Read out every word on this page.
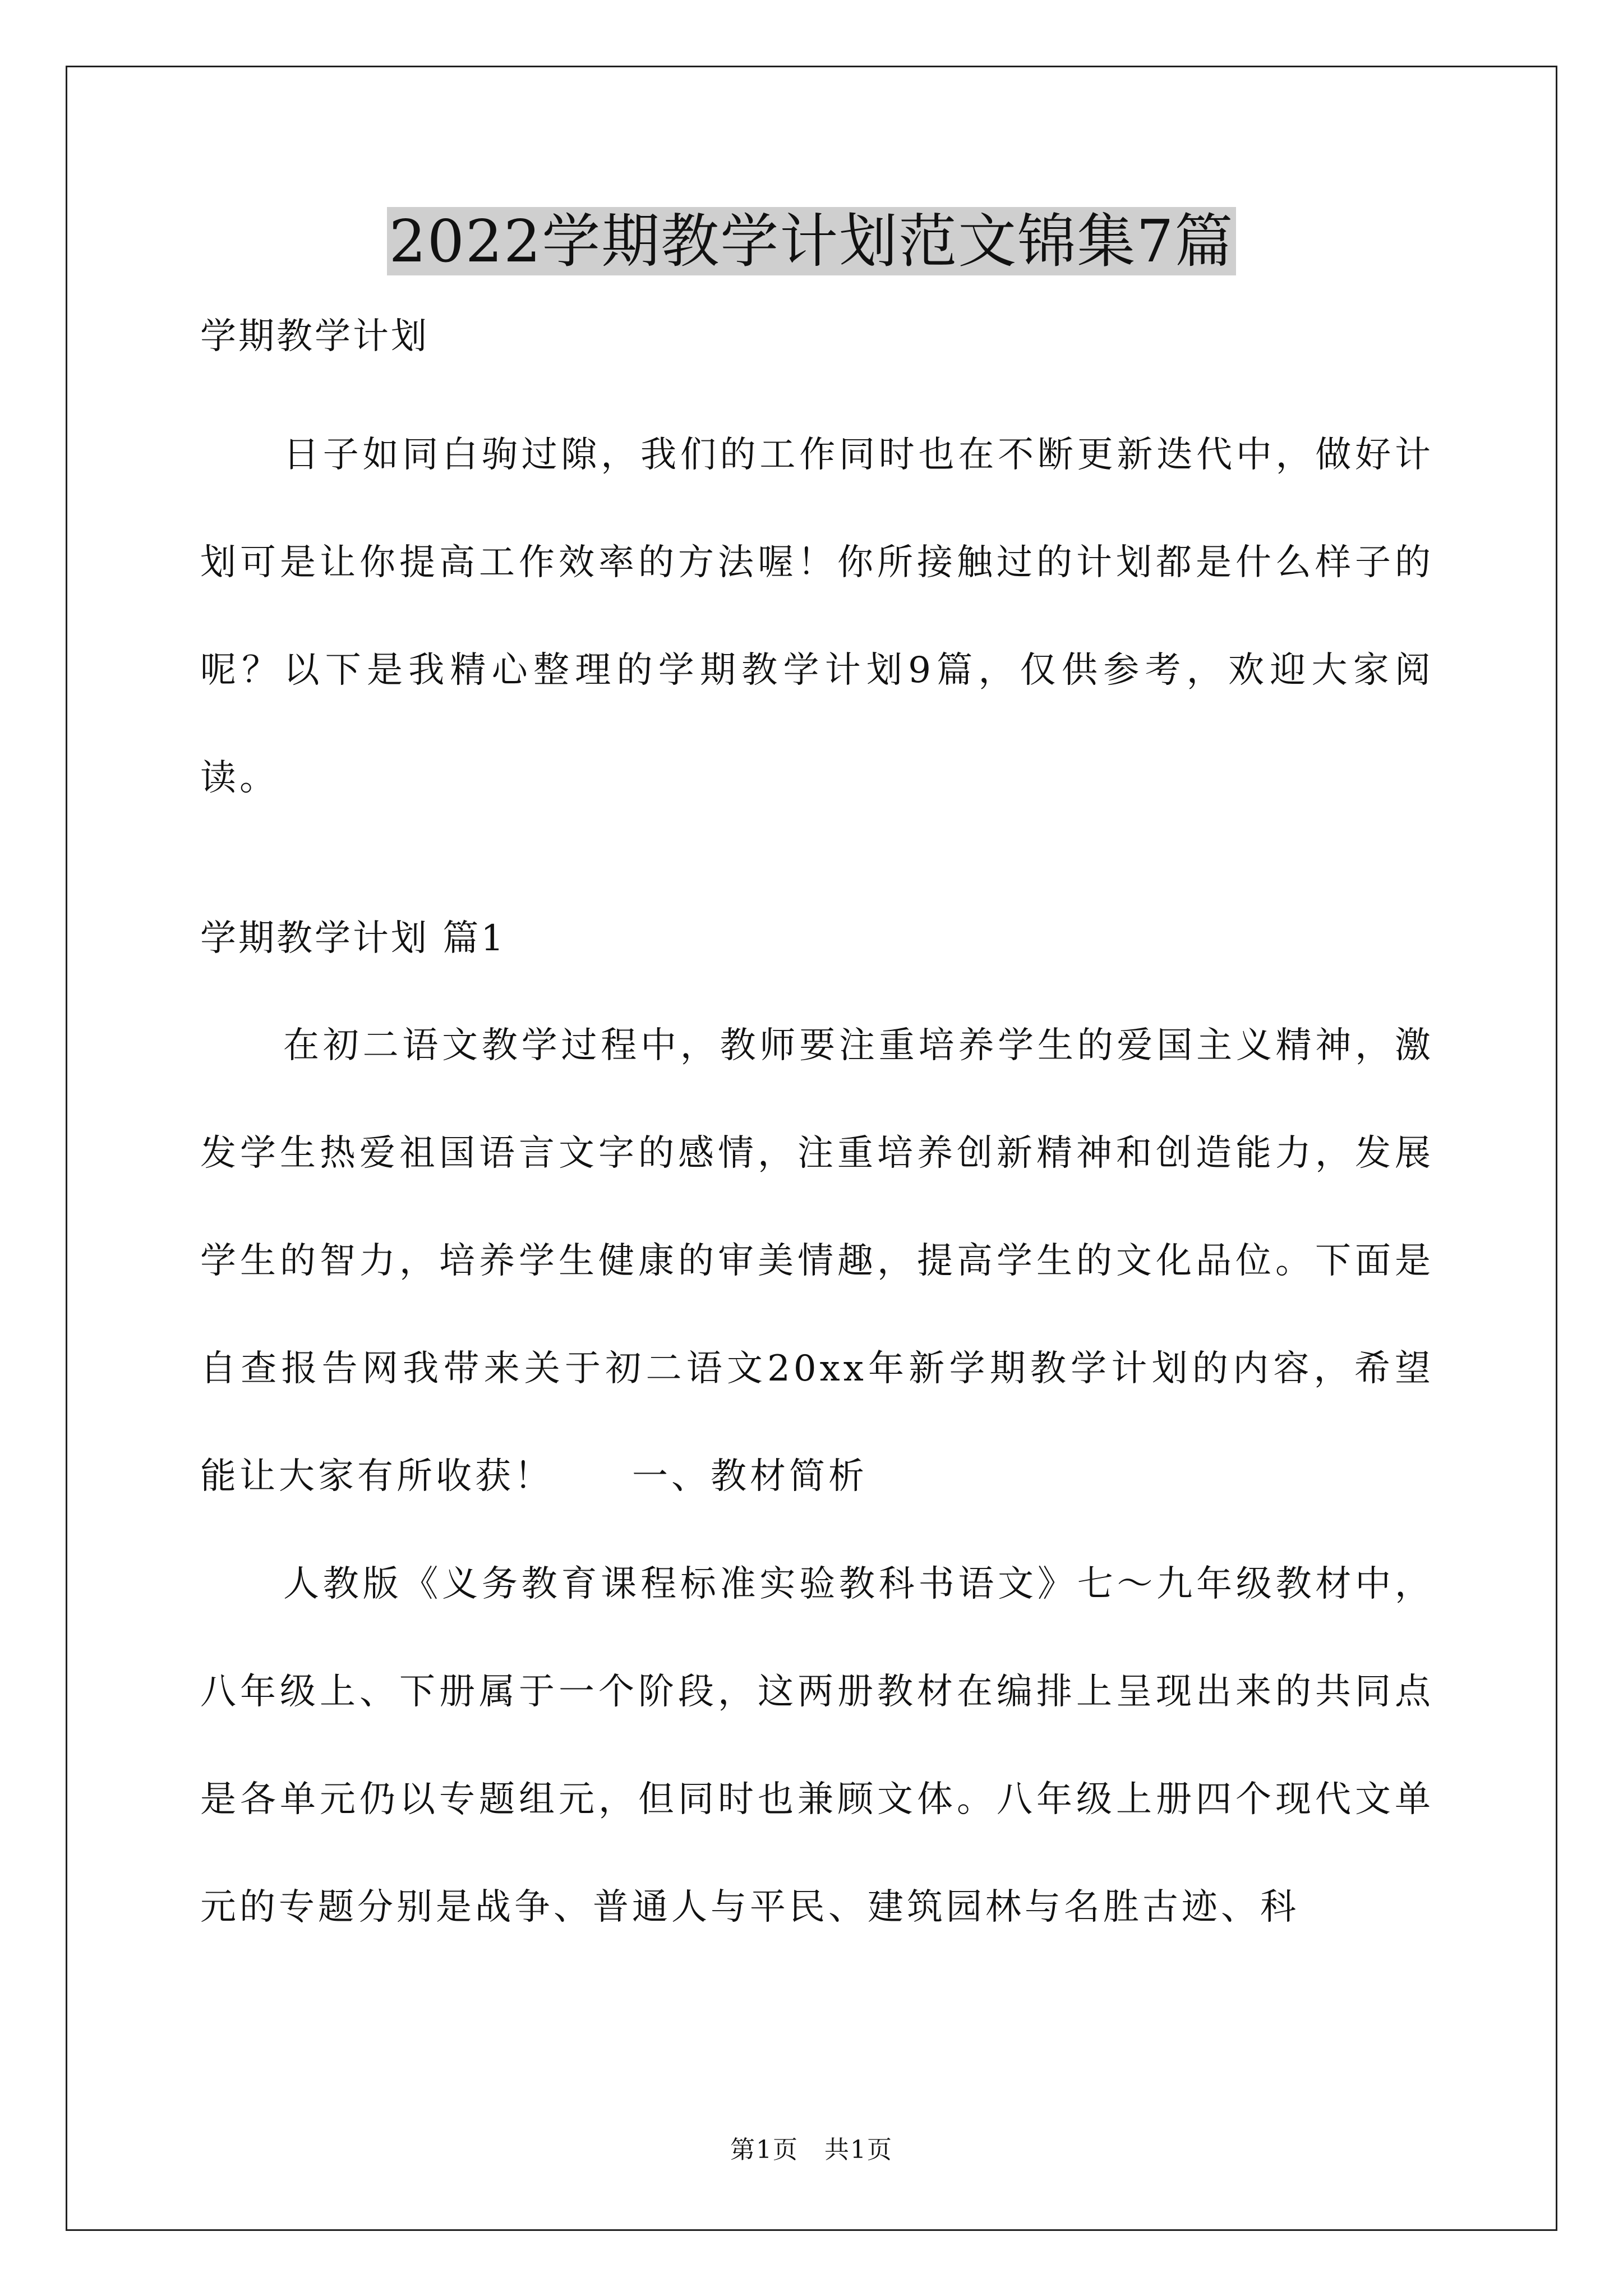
2022学期教学计划范文锦集7篇

学期教学计划

日子如同白驹过隙，我们的工作同时也在不断更新迭代中，做好计划可是让你提高工作效率的方法喔！你所接触过的计划都是什么样子的呢？以下是我精心整理的学期教学计划9篇，仅供参考，欢迎大家阅读。

学期教学计划 篇1

在初二语文教学过程中，教师要注重培养学生的爱国主义精神，激发学生热爱祖国语言文字的感情，注重培养创新精神和创造能力，发展学生的智力，培养学生健康的审美情趣，提高学生的文化品位。下面是自查报告网我带来关于初二语文20xx年新学期教学计划的内容，希望能让大家有所收获！　　一、教材简析

人教版《义务教育课程标准实验教科书语文》七～九年级教材中，八年级上、下册属于一个阶段，这两册教材在编排上呈现出来的共同点是各单元仍以专题组元，但同时也兼顾文体。八年级上册四个现代文单元的专题分别是战争、普通人与平民、建筑园林与名胜古迹、科

第1页　共1页
